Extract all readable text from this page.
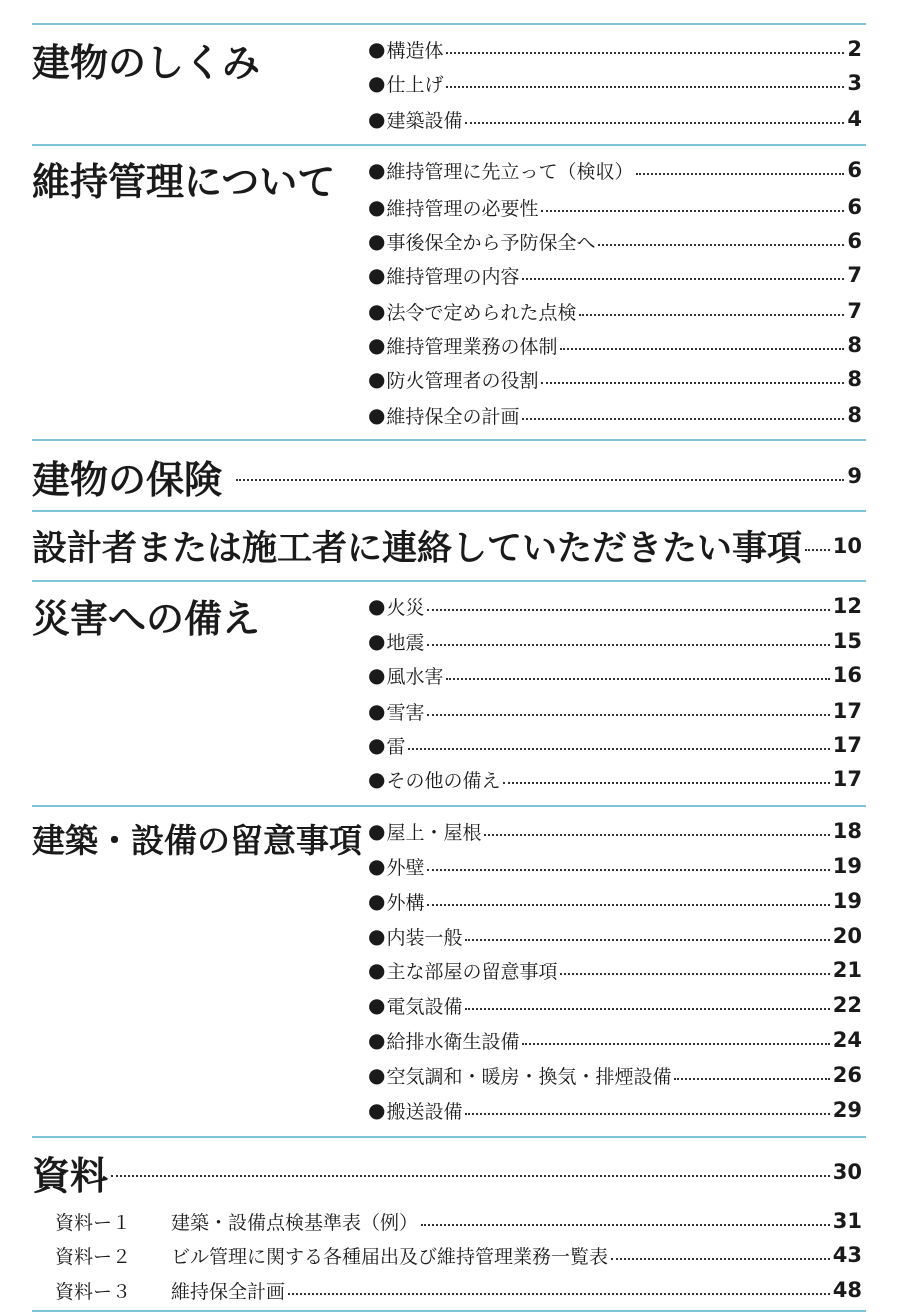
建物のしくみ	● 構造体	2
● 仕上げ	3
● 建築設備	4
維持管理について ● 維持管理に先立って（検収）	6
● 維持管理の必要性	6
● 事後保全から予防保全へ	6
● 維持管理の内容	7
● 法令で定められた点検	7
● 維持管理業務の体制	8
● 防火管理者の役割	8
● 維持保全の計画	8
建物の保険	9
設計者または施工者に連絡していただきたい事項 10
災害への備え	● 火災	12
● 地震	15
● 風水害	16
● 雪害	17
● 雷	17
● その他の備え	17
建築・設備の留意事項 ● 屋上・屋根	18
● 外壁	19
● 外構	19
● 内装一般	20
● 主な部屋の留意事項	21
● 電気設備	22
● 給排水衛生設備	24
● 空気調和・暖房・換気・排煙設備	26
● 搬送設備	29
資料	30
資料ー１	建築・設備点検基準表（例）	31
資料ー２	ビル管理に関する各種届出及び維持管理業務一覧表	43
資料ー３	維持保全計画	48
